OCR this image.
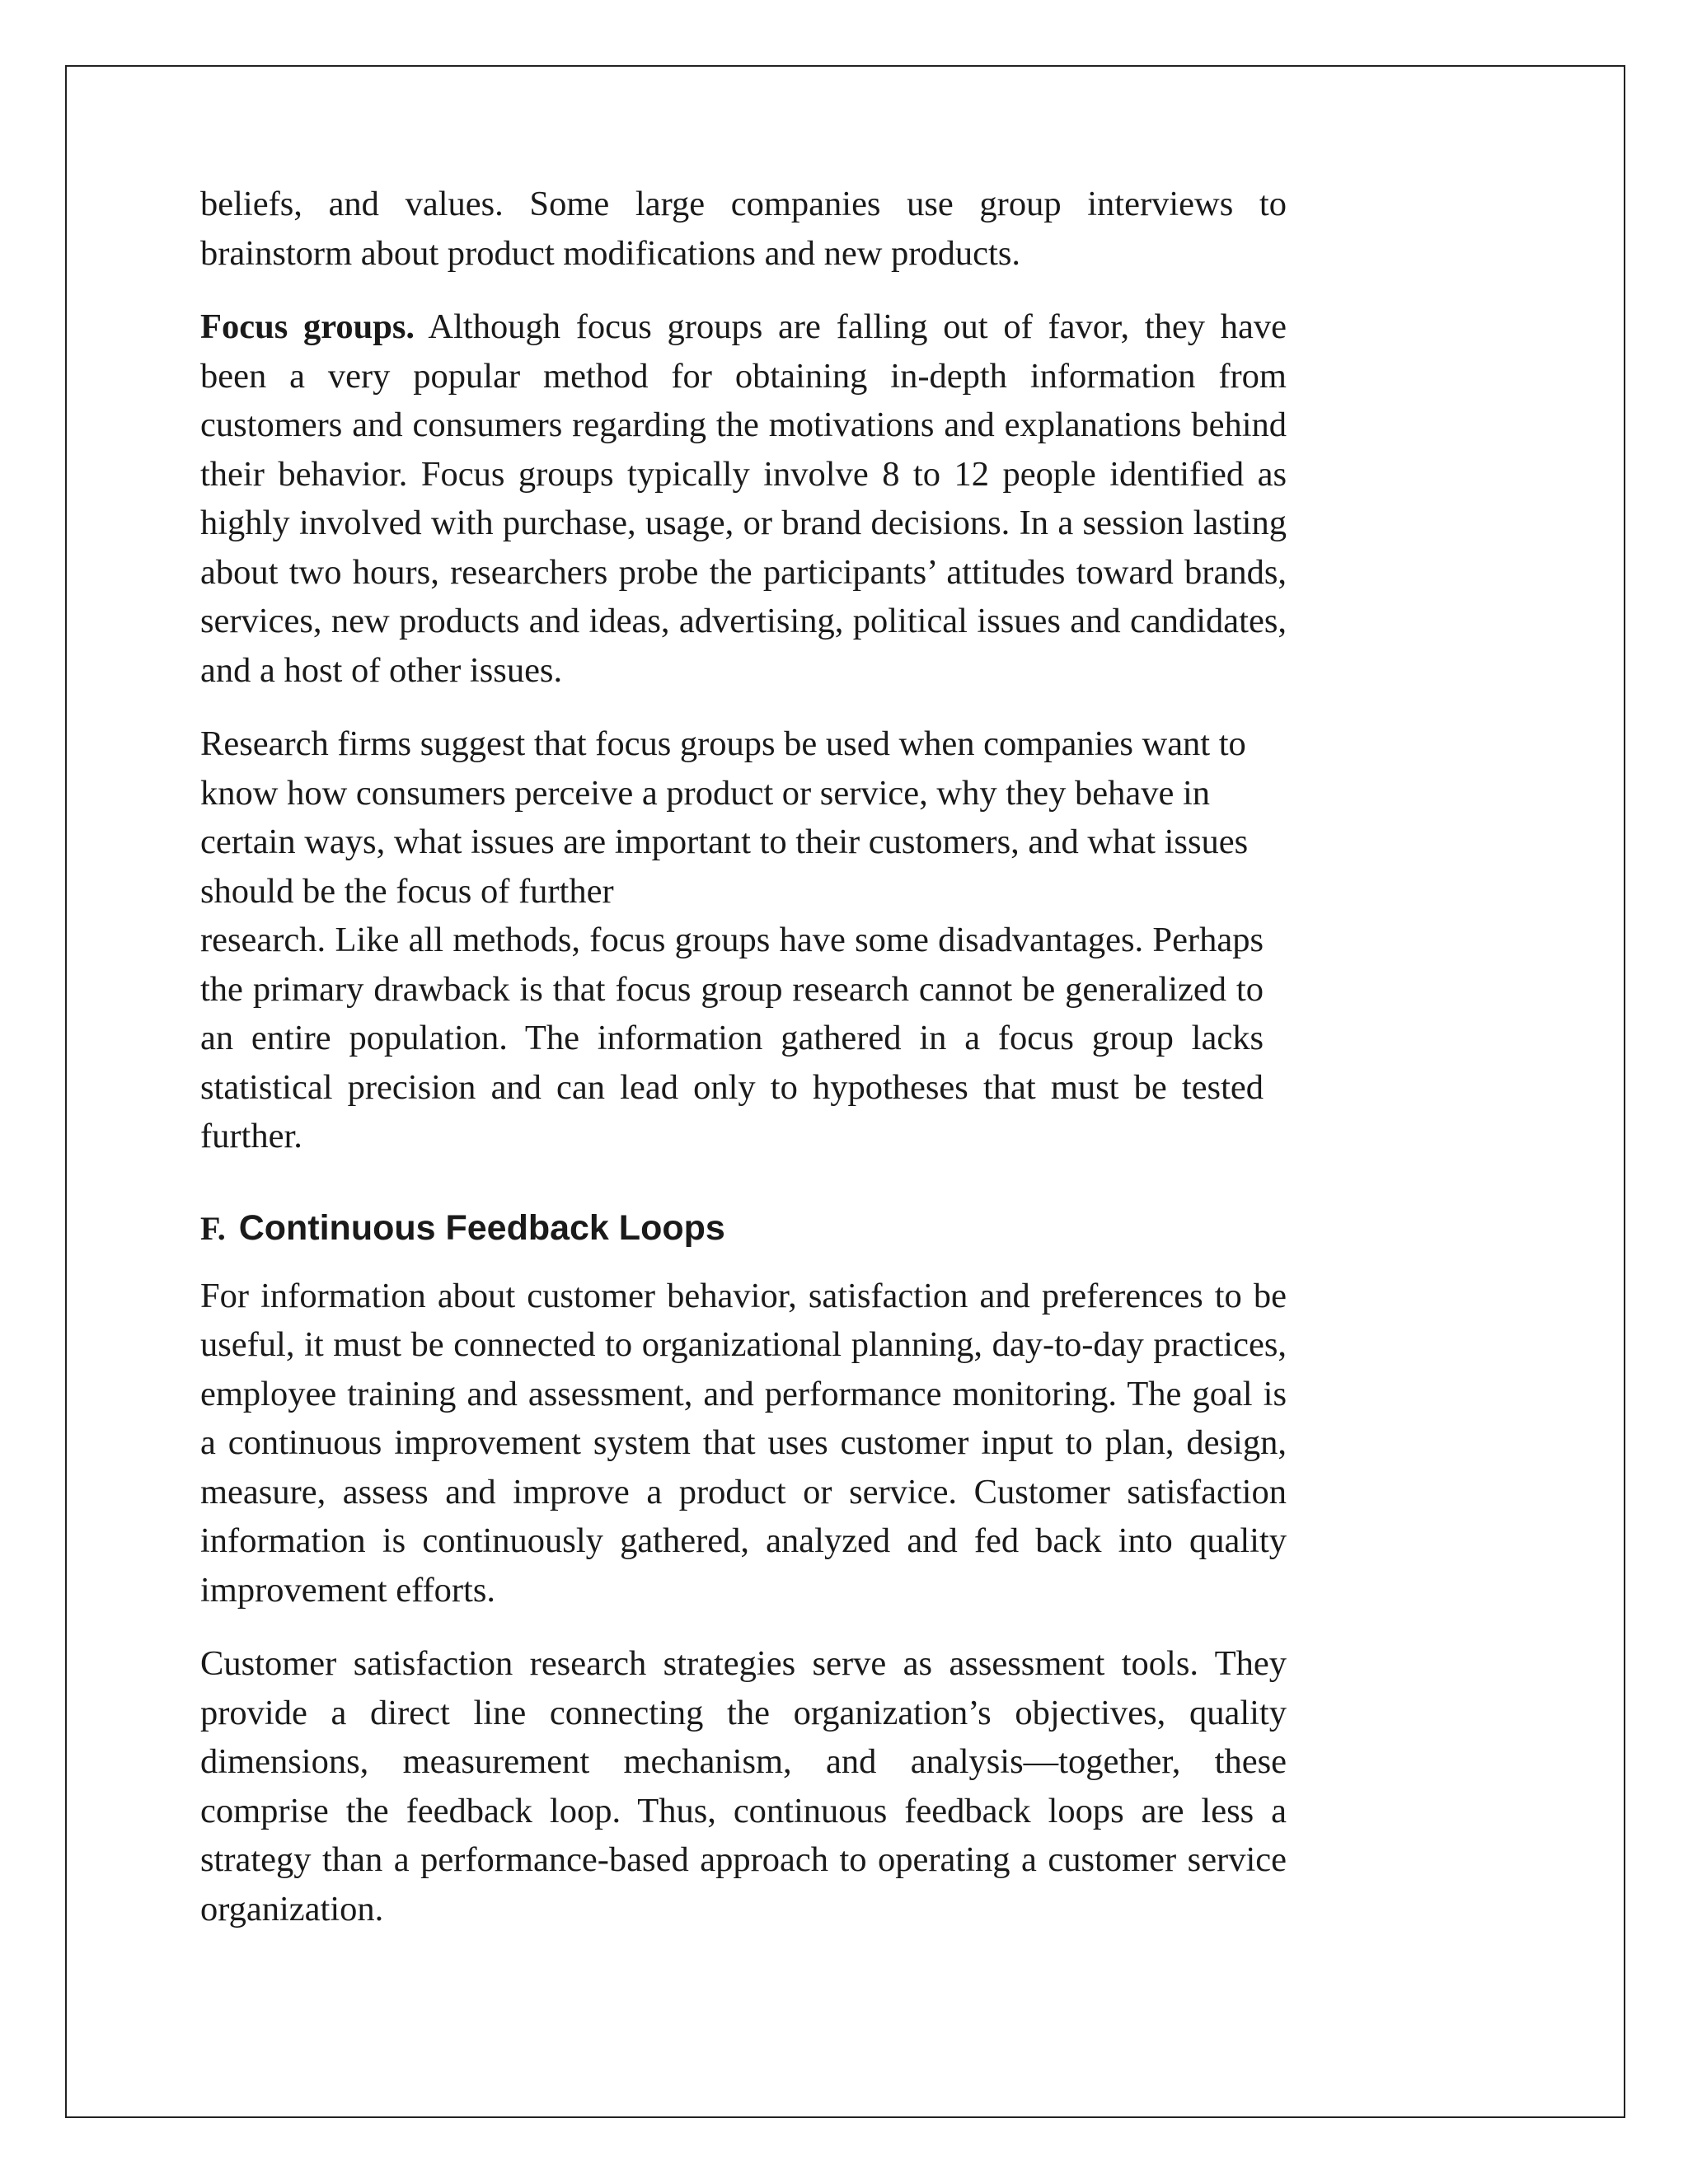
beliefs, and values. Some large companies use group interviews to brainstorm about product modifications and new products.

Focus groups. Although focus groups are falling out of favor, they have been a very popular method for obtaining in-depth information from customers and consumers regarding the motivations and explanations behind their behavior. Focus groups typically involve 8 to 12 people identified as highly involved with purchase, usage, or brand decisions. In a session lasting about two hours, researchers probe the participants’ attitudes toward brands, services, new products and ideas, advertising, political issues and candidates, and a host of other issues.

Research firms suggest that focus groups be used when companies want to know how consumers perceive a product or service, why they behave in certain ways, what issues are important to their customers, and what issues should be the focus of further

research. Like all methods, focus groups have some disadvantages. Perhaps the primary drawback is that focus group research cannot be generalized to an entire population. The information gathered in a focus group lacks statistical precision and can lead only to hypotheses that must be tested further.

F. Continuous Feedback Loops

For information about customer behavior, satisfaction and preferences to be useful, it must be connected to organizational planning, day-to-day practices, employee training and assessment, and performance monitoring. The goal is a continuous improvement system that uses customer input to plan, design, measure, assess and improve a product or service. Customer satisfaction information is continuously gathered, analyzed and fed back into quality improvement efforts.

Customer satisfaction research strategies serve as assessment tools. They provide a direct line connecting the organization’s objectives, quality dimensions, measurement mechanism, and analysis—together, these comprise the feedback loop. Thus, continuous feedback loops are less a strategy than a performance-based approach to operating a customer service organization.
